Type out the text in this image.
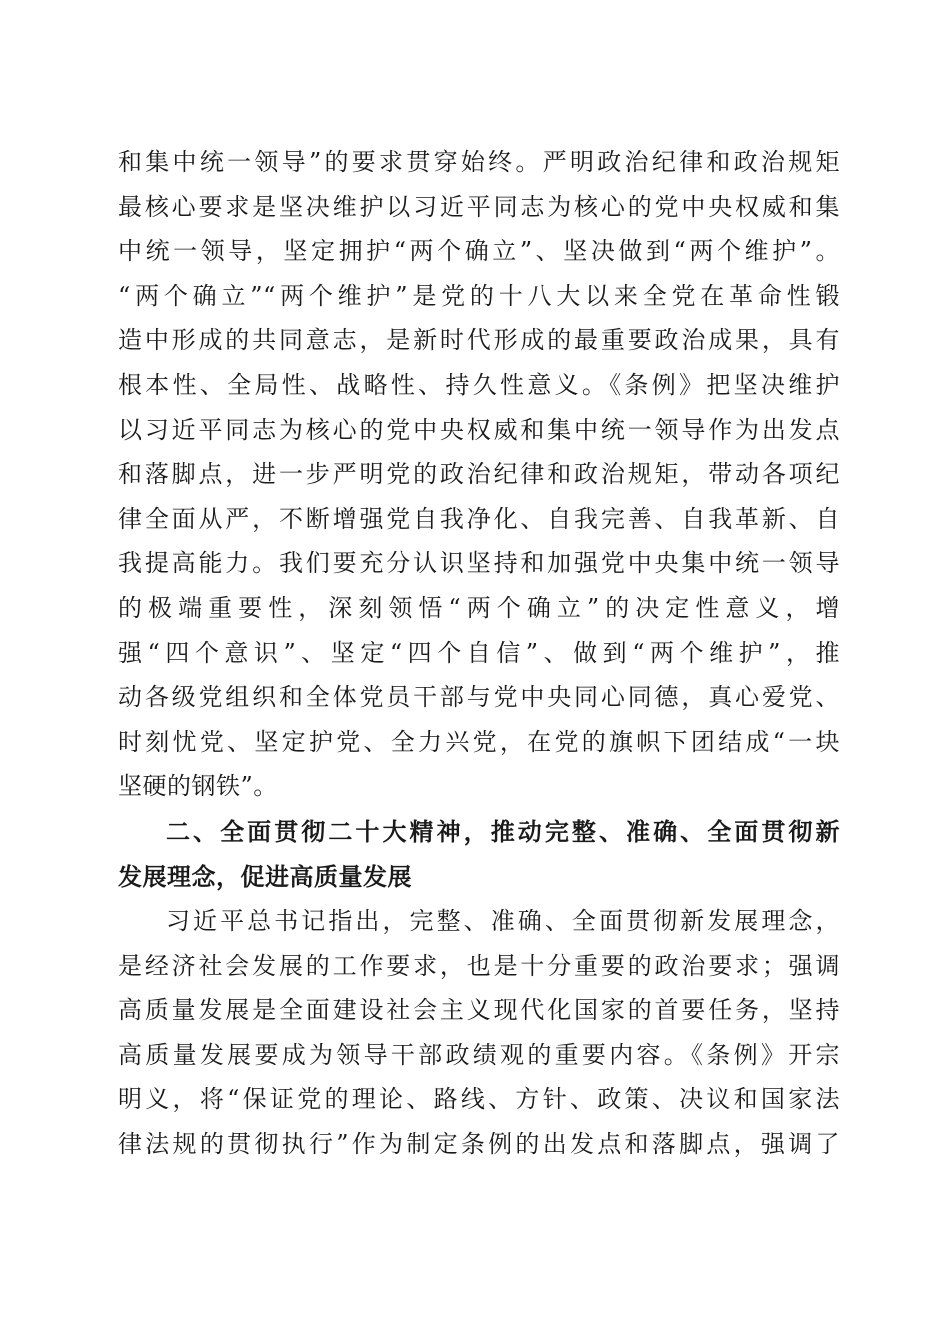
和集中统一领导”的要求贯穿始终。严明政治纪律和政治规矩
最核心要求是坚决维护以习近平同志为核心的党中央权威和集
中统一领导，坚定拥护“两个确立”、坚决做到“两个维护”。
“两个确立”“两个维护”是党的十八大以来全党在革命性锻
造中形成的共同意志，是新时代形成的最重要政治成果，具有
根本性、全局性、战略性、持久性意义。《条例》把坚决维护
以习近平同志为核心的党中央权威和集中统一领导作为出发点
和落脚点，进一步严明党的政治纪律和政治规矩，带动各项纪
律全面从严，不断增强党自我净化、自我完善、自我革新、自
我提高能力。我们要充分认识坚持和加强党中央集中统一领导
的极端重要性，深刻领悟“两个确立”的决定性意义，增
强“四个意识”、坚定“四个自信”、做到“两个维护”，推
动各级党组织和全体党员干部与党中央同心同德，真心爱党、
时刻忧党、坚定护党、全力兴党，在党的旗帜下团结成“一块
坚硬的钢铁”。
二、全面贯彻二十大精神，推动完整、准确、全面贯彻新
发展理念，促进高质量发展
习近平总书记指出，完整、准确、全面贯彻新发展理念，
是经济社会发展的工作要求，也是十分重要的政治要求；强调
高质量发展是全面建设社会主义现代化国家的首要任务，坚持
高质量发展要成为领导干部政绩观的重要内容。《条例》开宗
明义，将“保证党的理论、路线、方针、政策、决议和国家法
律法规的贯彻执行”作为制定条例的出发点和落脚点，强调了
